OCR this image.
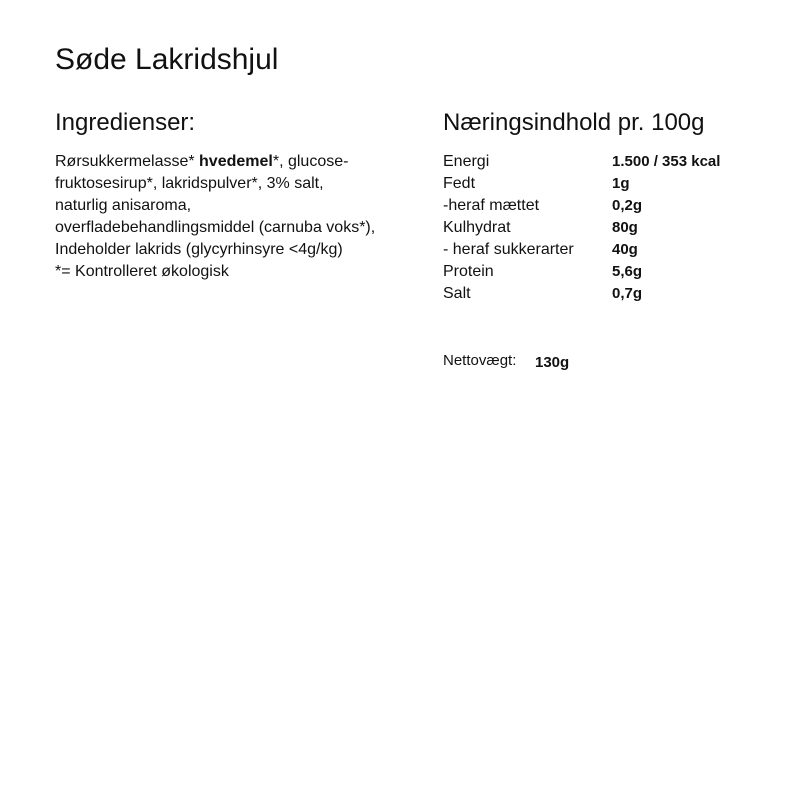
Søde Lakridshjul
Ingredienser:	Næringsindhold pr. 100g
Rørsukkermelasse* hvedemel*, glucose-
fruktosesirup*, lakridspulver*, 3% salt,
naturlig anisaroma,
overfladebehandlingsmiddel (carnuba voks*),
Indeholder lakrids (glycyrhinsyre <4g/kg)
*= Kontrolleret økologisk
Energi	1.500 / 353 kcal
Fedt	1g
-heraf mættet	0,2g
Kulhydrat	80g
- heraf sukkerarter	40g
Protein	5,6g
Salt	0,7g
Nettovægt: 130g
